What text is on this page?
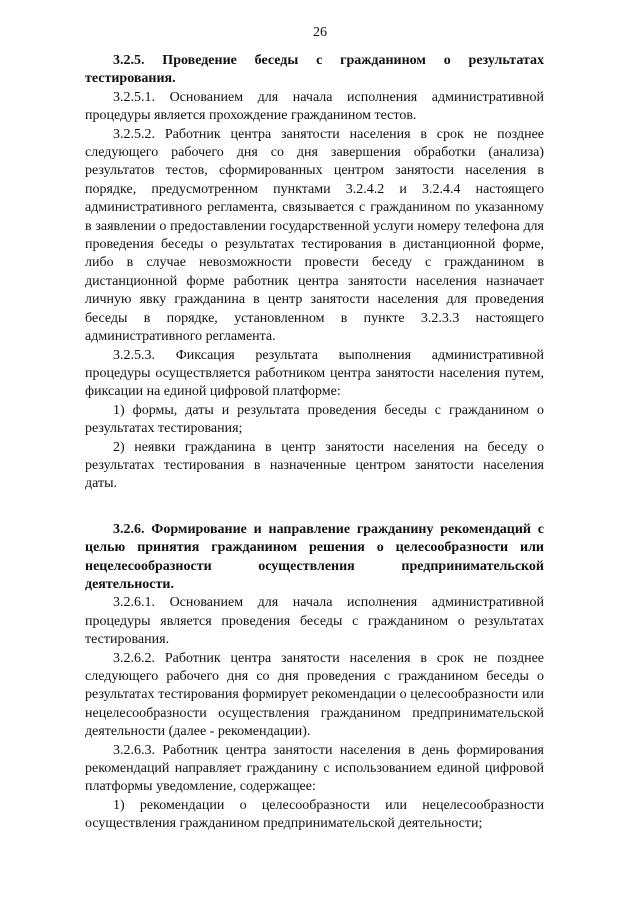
26

3.2.5. Проведение беседы с гражданином о результатах тестирования.

3.2.5.1. Основанием для начала исполнения административной процедуры является прохождение гражданином тестов.

3.2.5.2. Работник центра занятости населения в срок не позднее следующего рабочего дня со дня завершения обработки (анализа) результатов тестов, сформированных центром занятости населения в порядке, предусмотренном пунктами 3.2.4.2 и 3.2.4.4 настоящего административного регламента, связывается с гражданином по указанному в заявлении о предоставлении государственной услуги номеру телефона для проведения беседы о результатах тестирования в дистанционной форме, либо в случае невозможности провести беседу с гражданином в дистанционной форме работник центра занятости населения назначает личную явку гражданина в центр занятости населения для проведения беседы в порядке, установленном в пункте 3.2.3.3 настоящего административного регламента.

3.2.5.3. Фиксация результата выполнения административной процедуры осуществляется работником центра занятости населения путем, фиксации на единой цифровой платформе:

1) формы, даты и результата проведения беседы с гражданином о результатах тестирования;

2) неявки гражданина в центр занятости населения на беседу о результатах тестирования в назначенные центром занятости населения даты.

3.2.6. Формирование и направление гражданину рекомендаций с целью принятия гражданином решения о целесообразности или нецелесообразности осуществления предпринимательской деятельности.

3.2.6.1. Основанием для начала исполнения административной процедуры является проведения беседы с гражданином о результатах тестирования.

3.2.6.2. Работник центра занятости населения в срок не позднее следующего рабочего дня со дня проведения с гражданином беседы о результатах тестирования формирует рекомендации о целесообразности или нецелесообразности осуществления гражданином предпринимательской деятельности (далее - рекомендации).

3.2.6.3. Работник центра занятости населения в день формирования рекомендаций направляет гражданину с использованием единой цифровой платформы уведомление, содержащее:

1) рекомендации о целесообразности или нецелесообразности осуществления гражданином предпринимательской деятельности;
